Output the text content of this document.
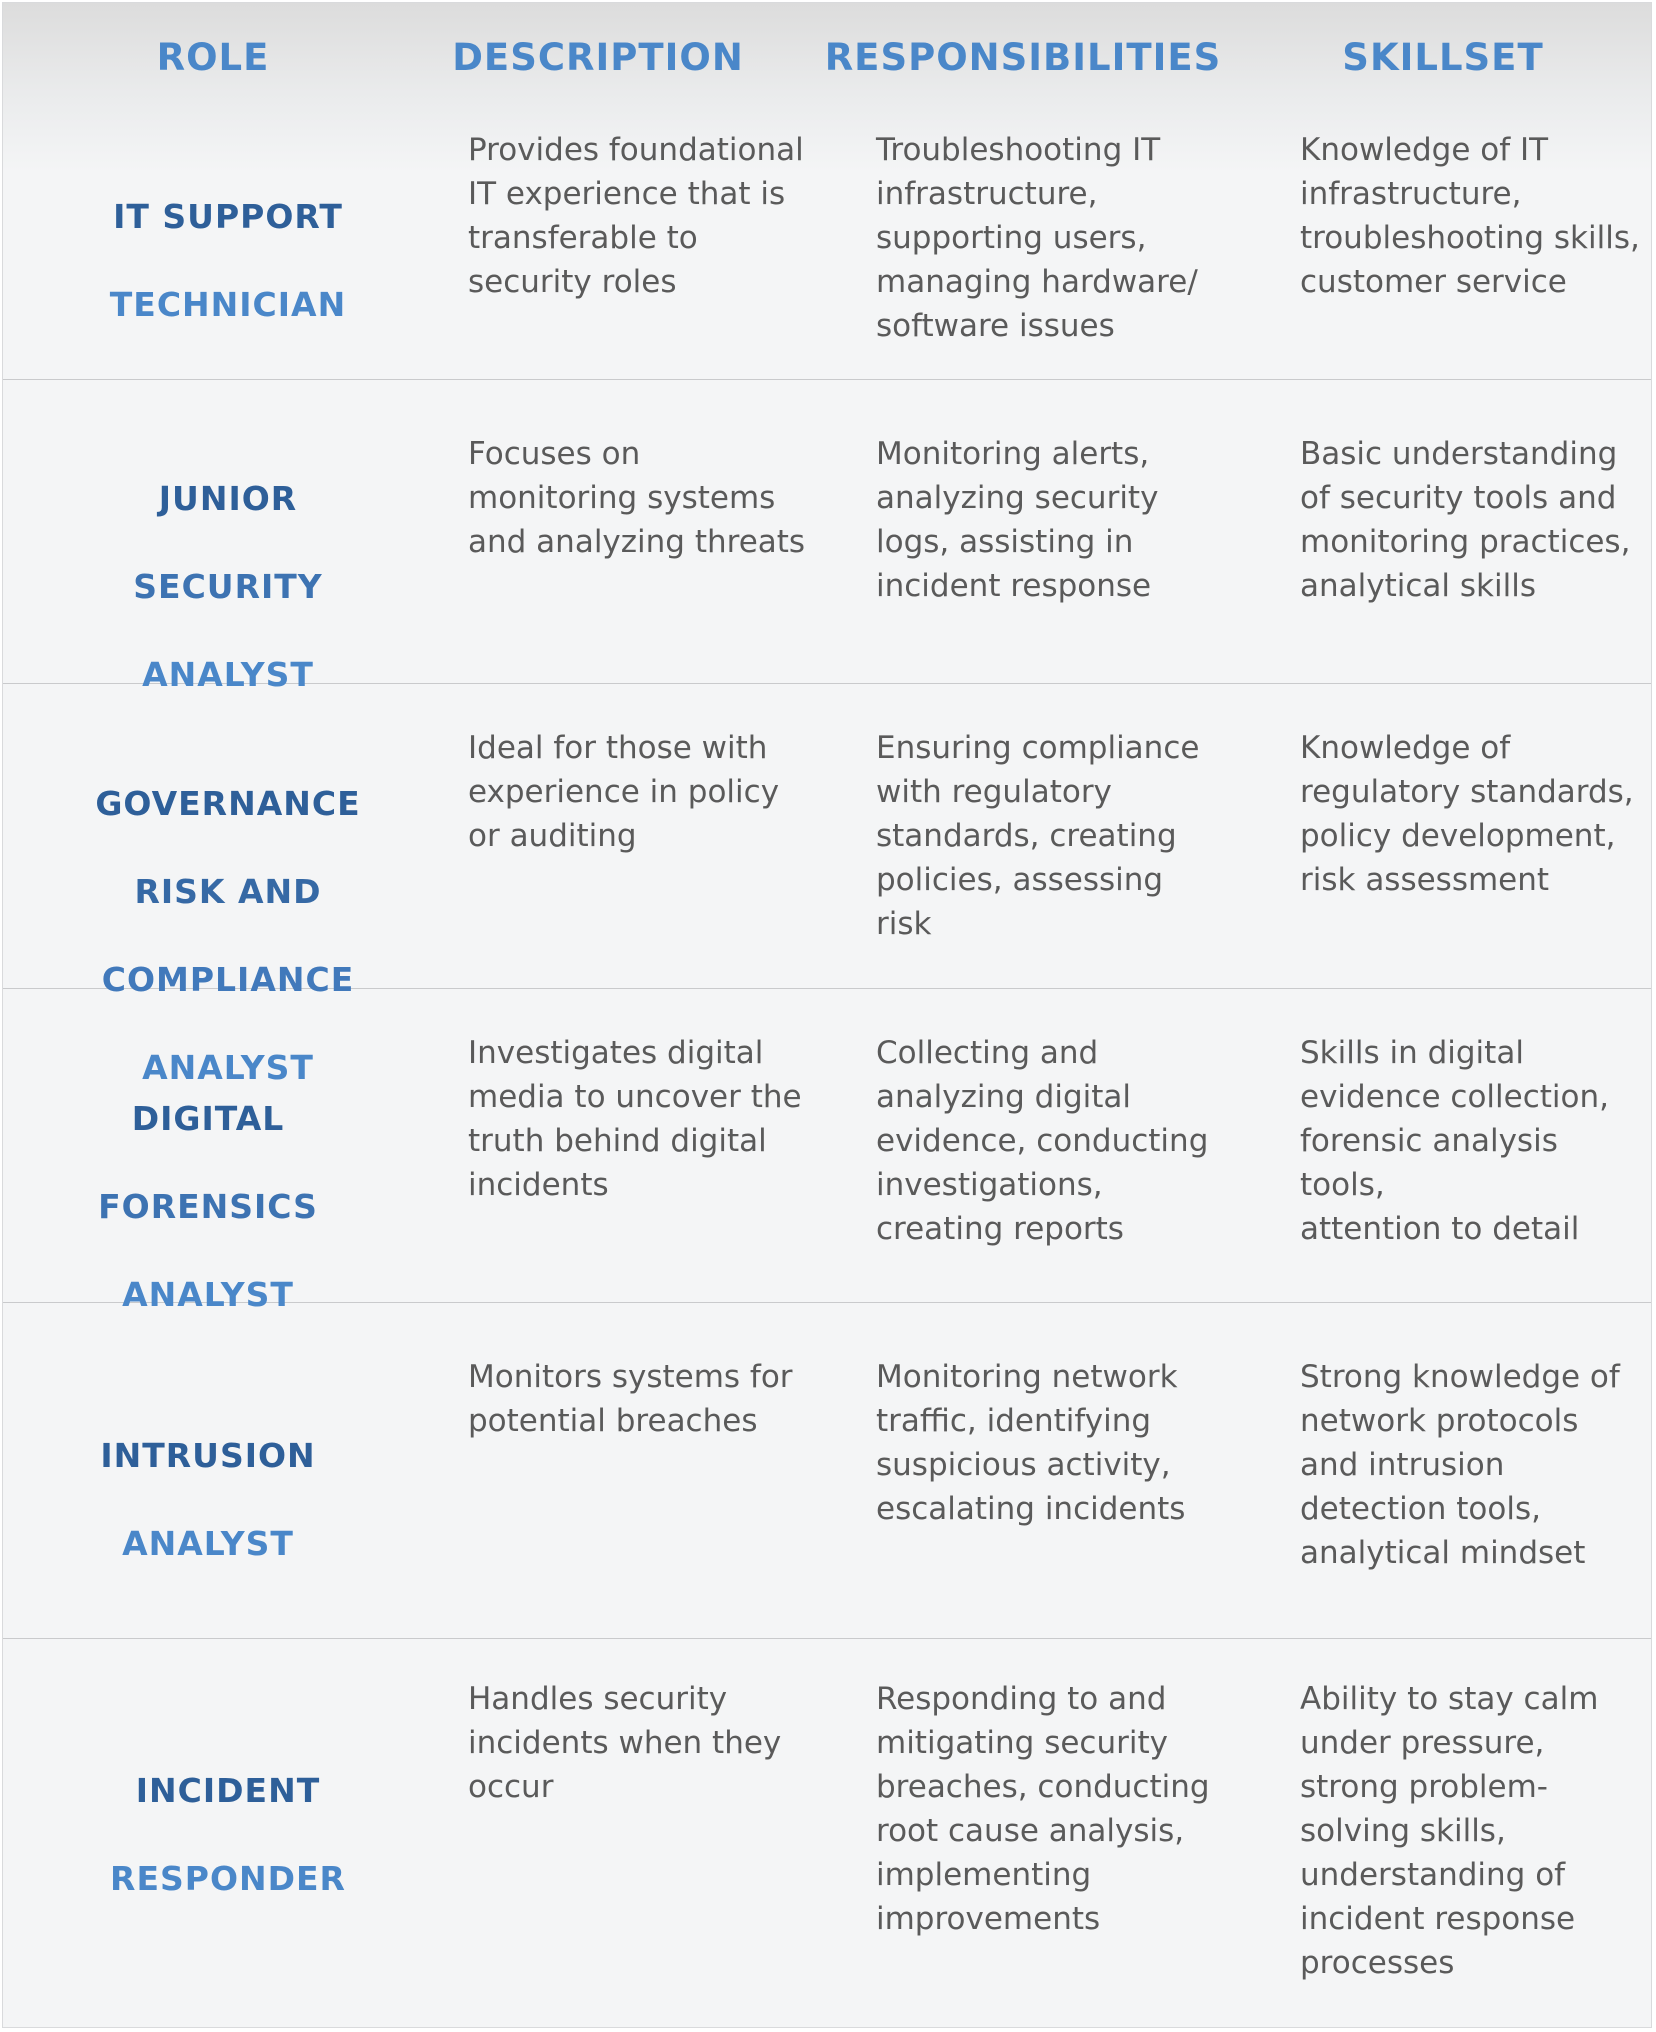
ROLE	DESCRIPTION RESPONSIBILITIES	SKILLSET

IT SUPPORT

TECHNICIAN

Provides foundational
IT experience that is
transferable to
security roles
Troubleshooting IT
infrastructure,
supporting users,
managing hardware/
software issues
Knowledge of IT
infrastructure,
troubleshooting skills,
customer service

JUNIOR

SECURITY

ANALYST

Focuses on
monitoring systems
and analyzing threats
Monitoring alerts,
analyzing security
logs, assisting in
incident response
Basic understanding
of security tools and
monitoring practices,
analytical skills

GOVERNANCE

RISK AND

COMPLIANCE

ANALYST

Ideal for those with
experience in policy
or auditing
Ensuring compliance
with regulatory
standards, creating
policies, assessing
risk
Knowledge of
regulatory standards,
policy development,
risk assessment

DIGITAL

FORENSICS

ANALYST

Investigates digital
media to uncover the
truth behind digital
incidents
Collecting and
analyzing digital
evidence, conducting
investigations,
creating reports
Skills in digital
evidence collection,
forensic analysis tools,
attention to detail

INTRUSION

ANALYST

Monitors systems for
potential breaches
Monitoring network
traffic, identifying
suspicious activity,
escalating incidents
Strong knowledge of
network protocols
and intrusion
detection tools,
analytical mindset

INCIDENT

RESPONDER

Handles security
incidents when they
occur
Responding to and
mitigating security
breaches, conducting
root cause analysis,
implementing
improvements
Ability to stay calm
under pressure,
strong problem-
solving skills,
understanding of
incident response
processes
